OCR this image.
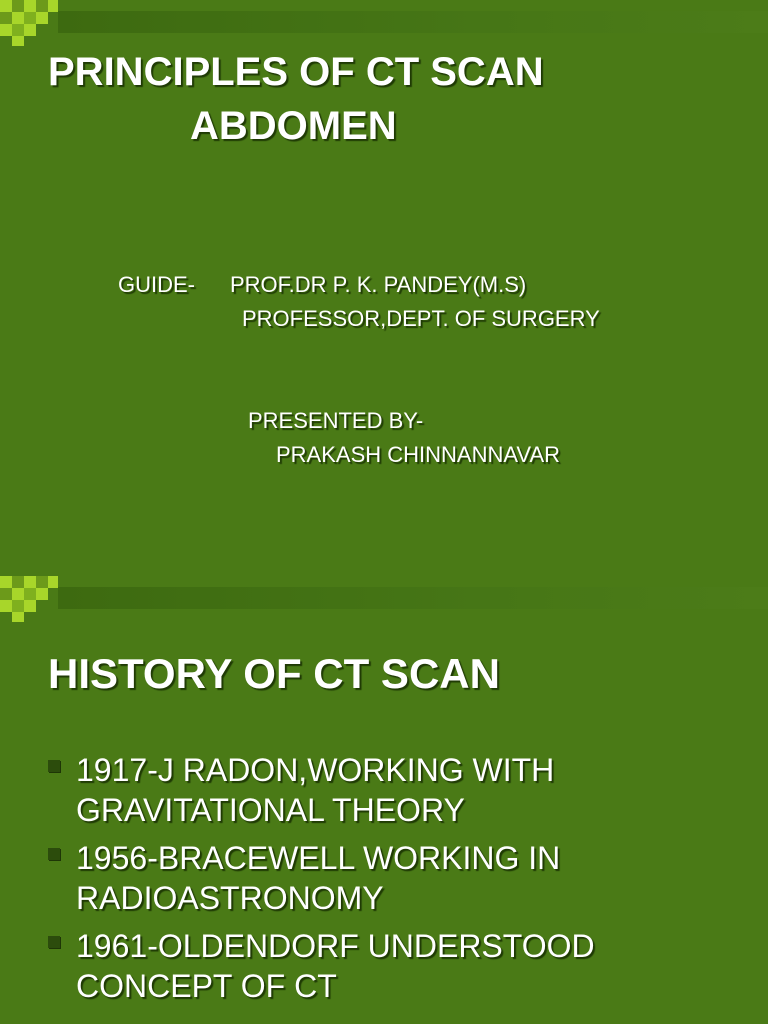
PRINCIPLES OF CT SCAN
ABDOMEN

GUIDE- PROF.DR P. K. PANDEY(M.S)

PROFESSOR,DEPT. OF SURGERY

PRESENTED BY-

PRAKASH CHINNANNAVAR

HISTORY OF CT SCAN
1917-J RADON,WORKING WITH
GRAVITATIONAL THEORY
1956-BRACEWELL WORKING IN
RADIOASTRONOMY
1961-OLDENDORF UNDERSTOOD
CONCEPT OF CT
